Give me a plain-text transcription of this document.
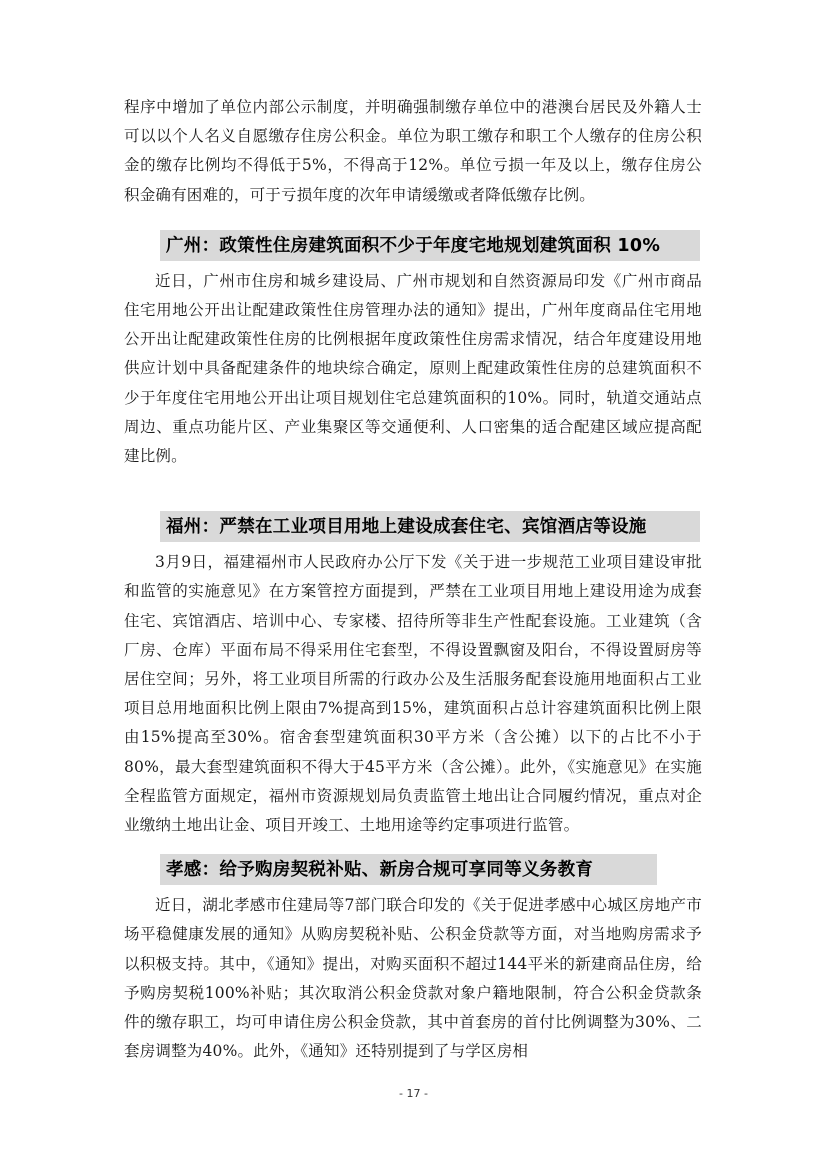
程序中增加了单位内部公示制度，并明确强制缴存单位中的港澳台居民及外籍人士可以以个人名义自愿缴存住房公积金。单位为职工缴存和职工个人缴存的住房公积金的缴存比例均不得低于5%，不得高于12%。单位亏损一年及以上，缴存住房公积金确有困难的，可于亏损年度的次年申请缓缴或者降低缴存比例。

广州：政策性住房建筑面积不少于年度宅地规划建筑面积 10%

近日，广州市住房和城乡建设局、广州市规划和自然资源局印发《广州市商品住宅用地公开出让配建政策性住房管理办法的通知》提出，广州年度商品住宅用地公开出让配建政策性住房的比例根据年度政策性住房需求情况，结合年度建设用地供应计划中具备配建条件的地块综合确定，原则上配建政策性住房的总建筑面积不少于年度住宅用地公开出让项目规划住宅总建筑面积的10%。同时，轨道交通站点周边、重点功能片区、产业集聚区等交通便利、人口密集的适合配建区域应提高配建比例。

福州：严禁在工业项目用地上建设成套住宅、宾馆酒店等设施

3月9日，福建福州市人民政府办公厅下发《关于进一步规范工业项目建设审批和监管的实施意见》在方案管控方面提到，严禁在工业项目用地上建设用途为成套住宅、宾馆酒店、培训中心、专家楼、招待所等非生产性配套设施。工业建筑（含厂房、仓库）平面布局不得采用住宅套型，不得设置飘窗及阳台，不得设置厨房等居住空间；另外，将工业项目所需的行政办公及生活服务配套设施用地面积占工业项目总用地面积比例上限由7%提高到15%，建筑面积占总计容建筑面积比例上限由15%提高至30%。宿舍套型建筑面积30平方米（含公摊）以下的占比不小于80%，最大套型建筑面积不得大于45平方米（含公摊）。此外，《实施意见》在实施全程监管方面规定，福州市资源规划局负责监管土地出让合同履约情况，重点对企业缴纳土地出让金、项目开竣工、土地用途等约定事项进行监管。

孝感：给予购房契税补贴、新房合规可享同等义务教育

近日，湖北孝感市住建局等7部门联合印发的《关于促进孝感中心城区房地产市场平稳健康发展的通知》从购房契税补贴、公积金贷款等方面，对当地购房需求予以积极支持。其中，《通知》提出，对购买面积不超过144平米的新建商品住房，给予购房契税100%补贴；其次取消公积金贷款对象户籍地限制，符合公积金贷款条件的缴存职工，均可申请住房公积金贷款，其中首套房的首付比例调整为30%、二套房调整为40%。此外，《通知》还特别提到了与学区房相

- 17 -
